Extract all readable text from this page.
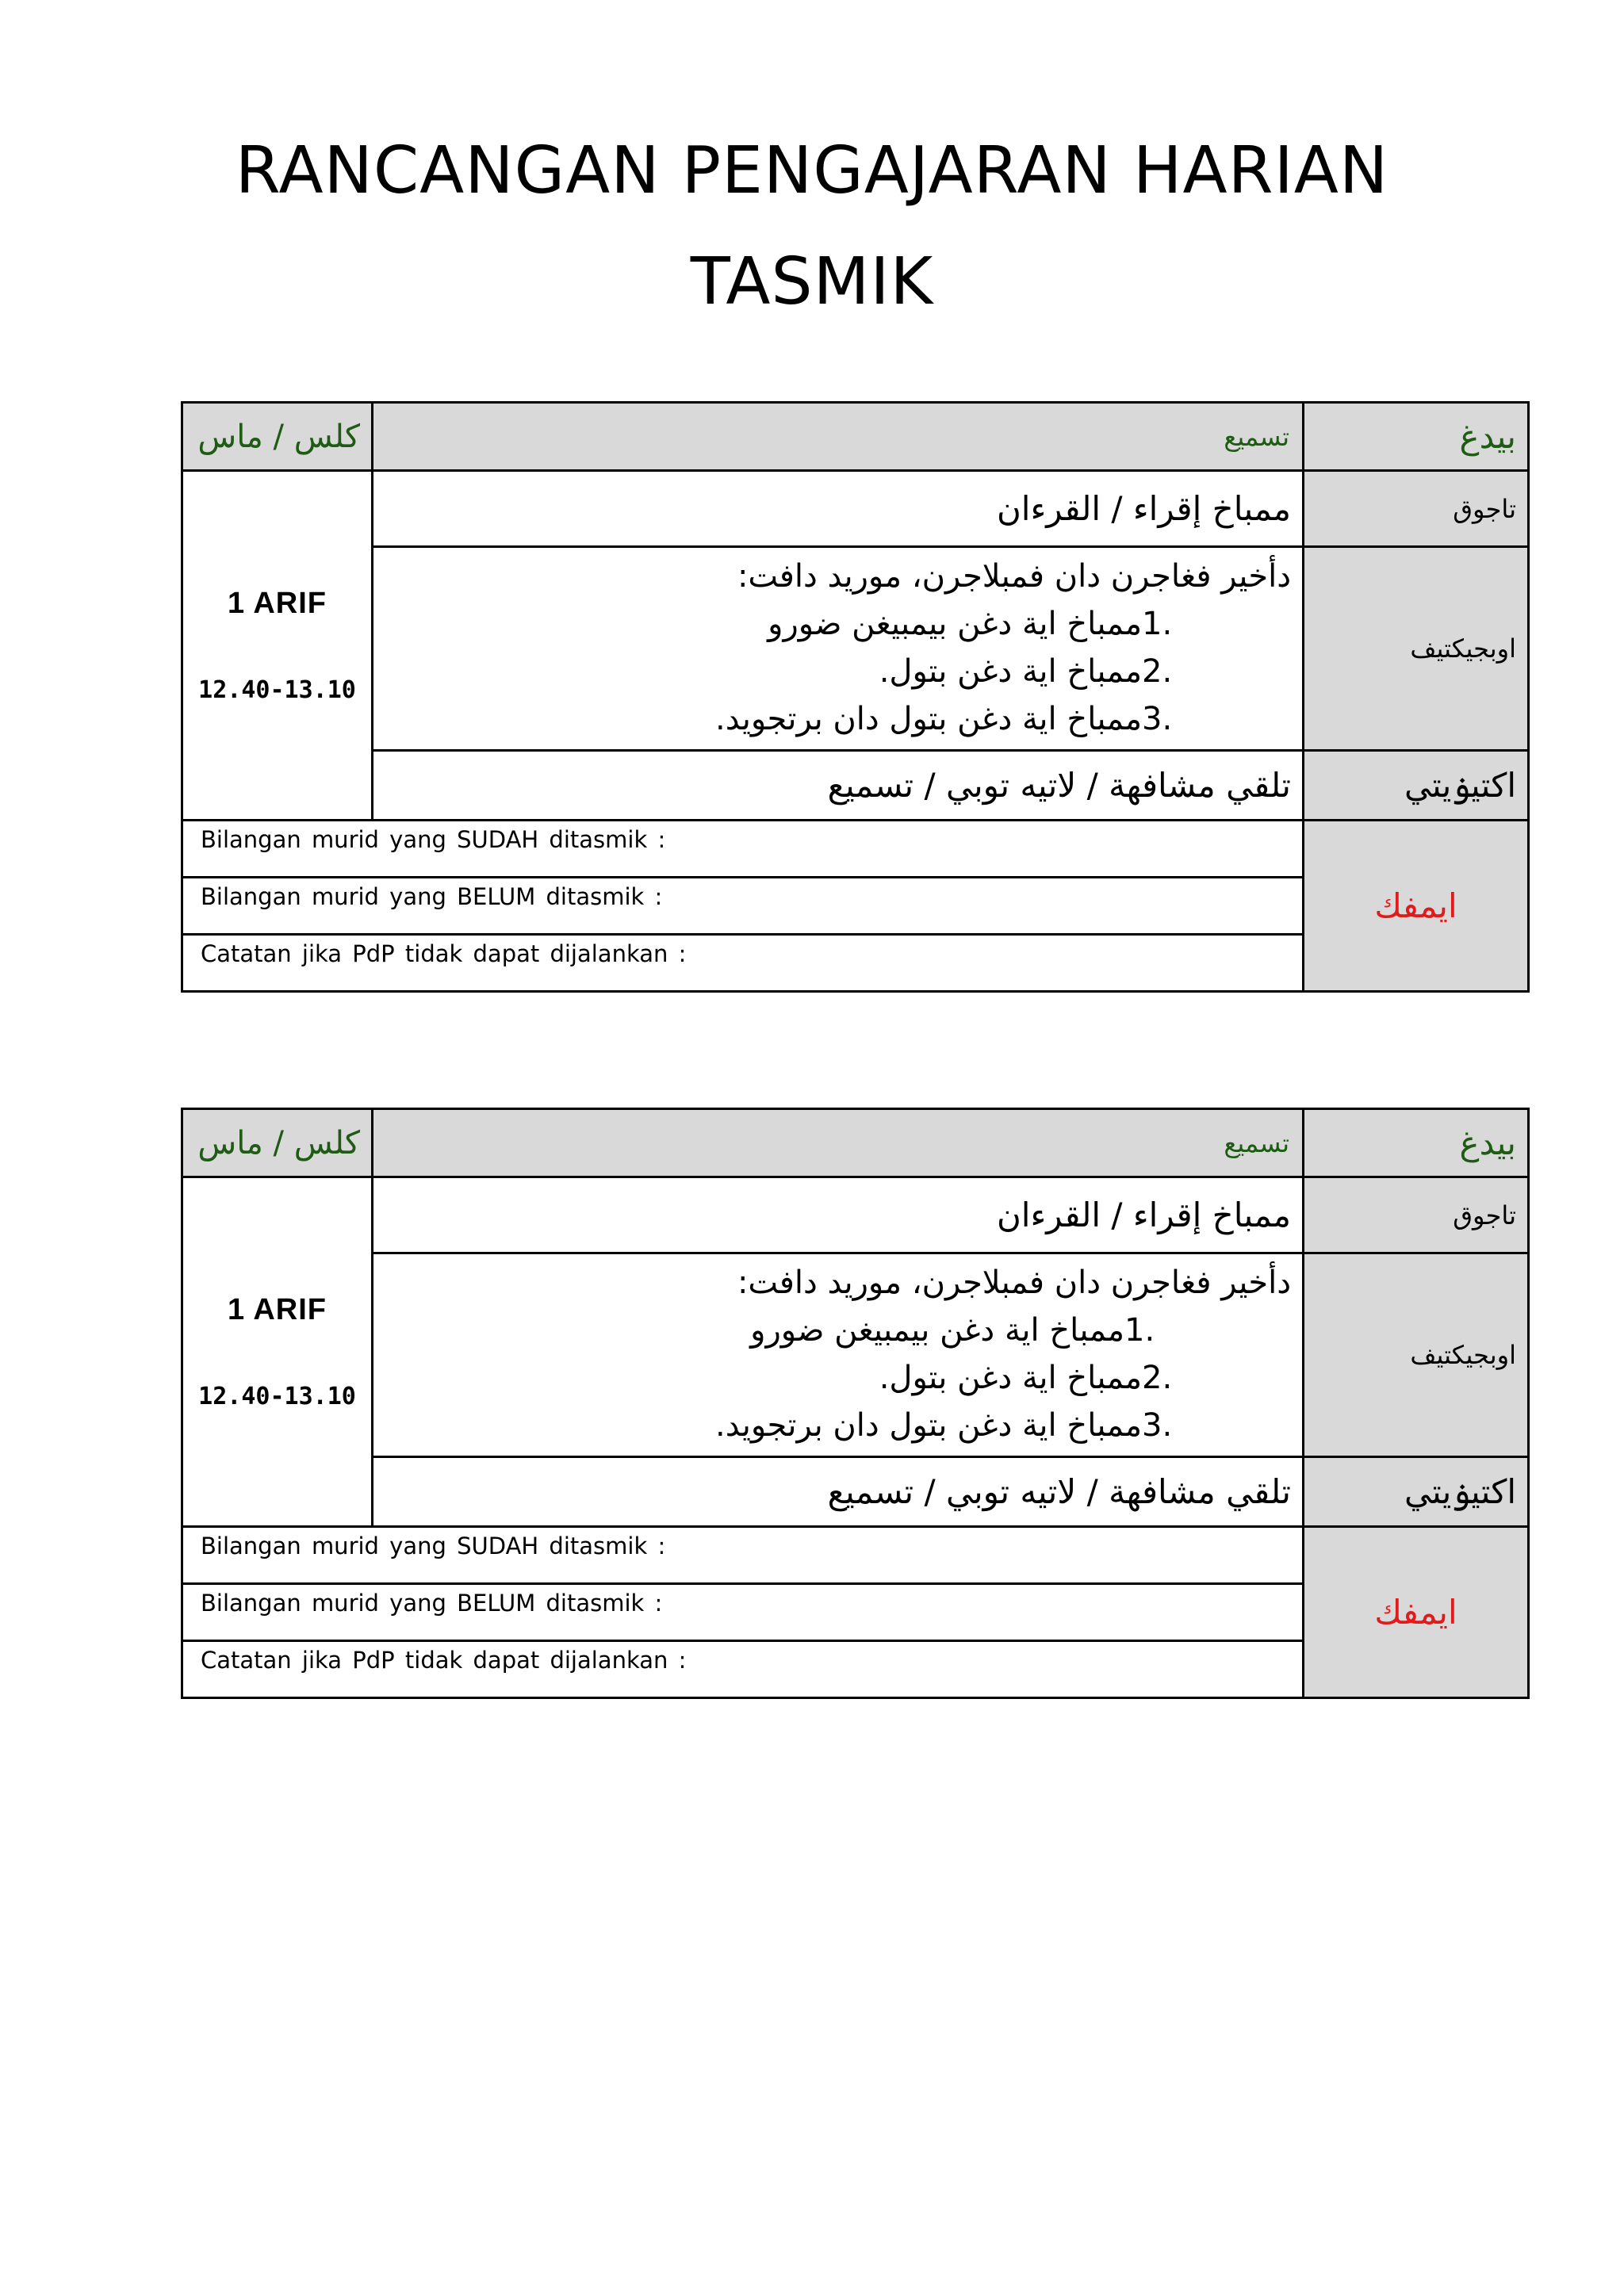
RANCANGAN PENGAJARAN HARIAN
TASMIK
كلس / ماس	تسميع	بيدغ

1 ARIF
12.40-13.10	ممباخ إقراء / القرءان	تاجوق

	دأخير فغاجرن دان فمبلاجرن، موريد دافت:
1.ممباخ اية دغن بيمبيغن ضورو
2.ممباخ اية دغن بتول.
3.ممباخ اية دغن بتول دان برتجويد.	اوبجيكتيف
	تلقي مشافهة / لاتيه توبي / تسميع	اكتيۏيتي

Bilangan murid yang SUDAH ditasmik :		ايمفك

Bilangan murid yang BELUM ditasmik :		

Catatan jika PdP tidak dapat dijalankan :		
كلس / ماس	تسميع	بيدغ

1 ARIF
12.40-13.10	ممباخ إقراء / القرءان	تاجوق

	دأخير فغاجرن دان فمبلاجرن، موريد دافت:
1.ممباخ اية دغن بيمبيغن ضورو
2.ممباخ اية دغن بتول.
3.ممباخ اية دغن بتول دان برتجويد.	اوبجيكتيف
	تلقي مشافهة / لاتيه توبي / تسميع	اكتيۏيتي

Bilangan murid yang SUDAH ditasmik :		ايمفك

Bilangan murid yang BELUM ditasmik :		

Catatan jika PdP tidak dapat dijalankan :		
